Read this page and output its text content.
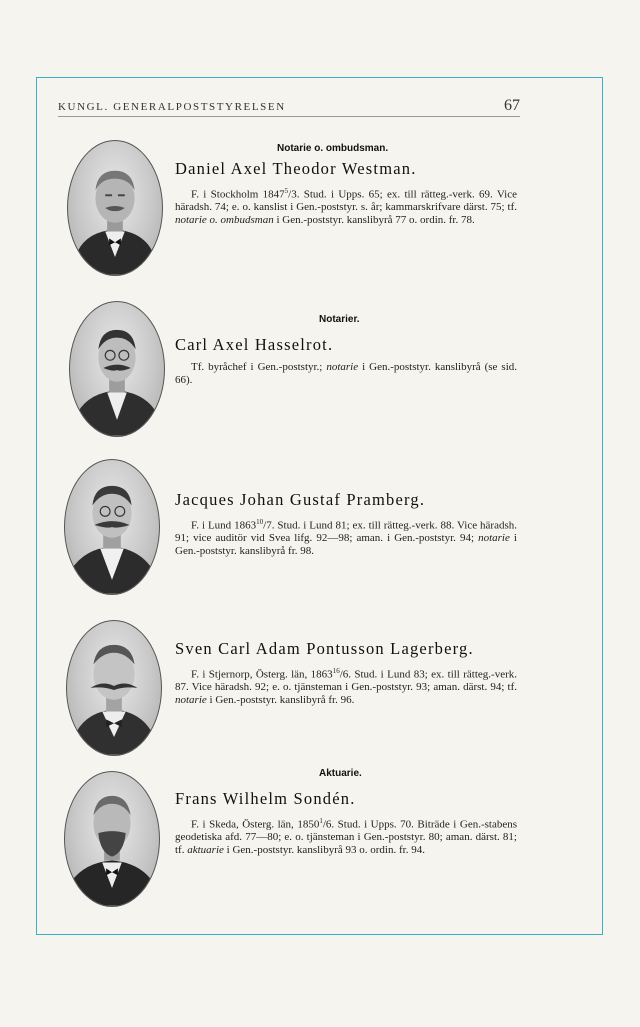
KUNGL. GENERALPOSTSTYRELSEN	67
Notarie o. ombudsman.
Notarier.
Aktuarie.
Daniel Axel Theodor Westman.

F. i Stockholm 1847$^5$/3. Stud. i Upps. 65; ex. till rätteg.-verk. 69. Vice häradsh. 74; e. o. kanslist i Gen.-poststyr. s. år; kammarskrifvare därst. 75; tf. notarie o. ombudsman i Gen.-poststyr. kanslibyrå 77 o. ordin. fr. 78.

Carl Axel Hasselrot.

Tf. byråchef i Gen.-poststyr.; notarie i Gen.-poststyr. kanslibyrå (se sid. 66).

Jacques Johan Gustaf Pramberg.

F. i Lund 1863$^{10}$/7. Stud. i Lund 81; ex. till rätteg.-verk. 88. Vice häradsh. 91; vice auditör vid Svea lifg. 92—98; aman. i Gen.-poststyr. 94; notarie i Gen.-poststyr. kanslibyrå fr. 98.

Sven Carl Adam Pontusson Lagerberg.

F. i Stjernorp, Österg. län, 1863$^{16}$/6. Stud. i Lund 83; ex. till rätteg.-verk. 87. Vice häradsh. 92; e. o. tjänsteman i Gen.-poststyr. 93; aman. därst. 94; tf. notarie i Gen.-poststyr. kanslibyrå fr. 96.

Frans Wilhelm Sondén.

F. i Skeda, Österg. län, 1850$^1$/6. Stud. i Upps. 70. Biträde i Gen.-stabens geodetiska afd. 77—80; e. o. tjänsteman i Gen.-poststyr. 80; aman. därst. 81; tf. aktuarie i Gen.-poststyr. kanslibyrå 93 o. ordin. fr. 94.
